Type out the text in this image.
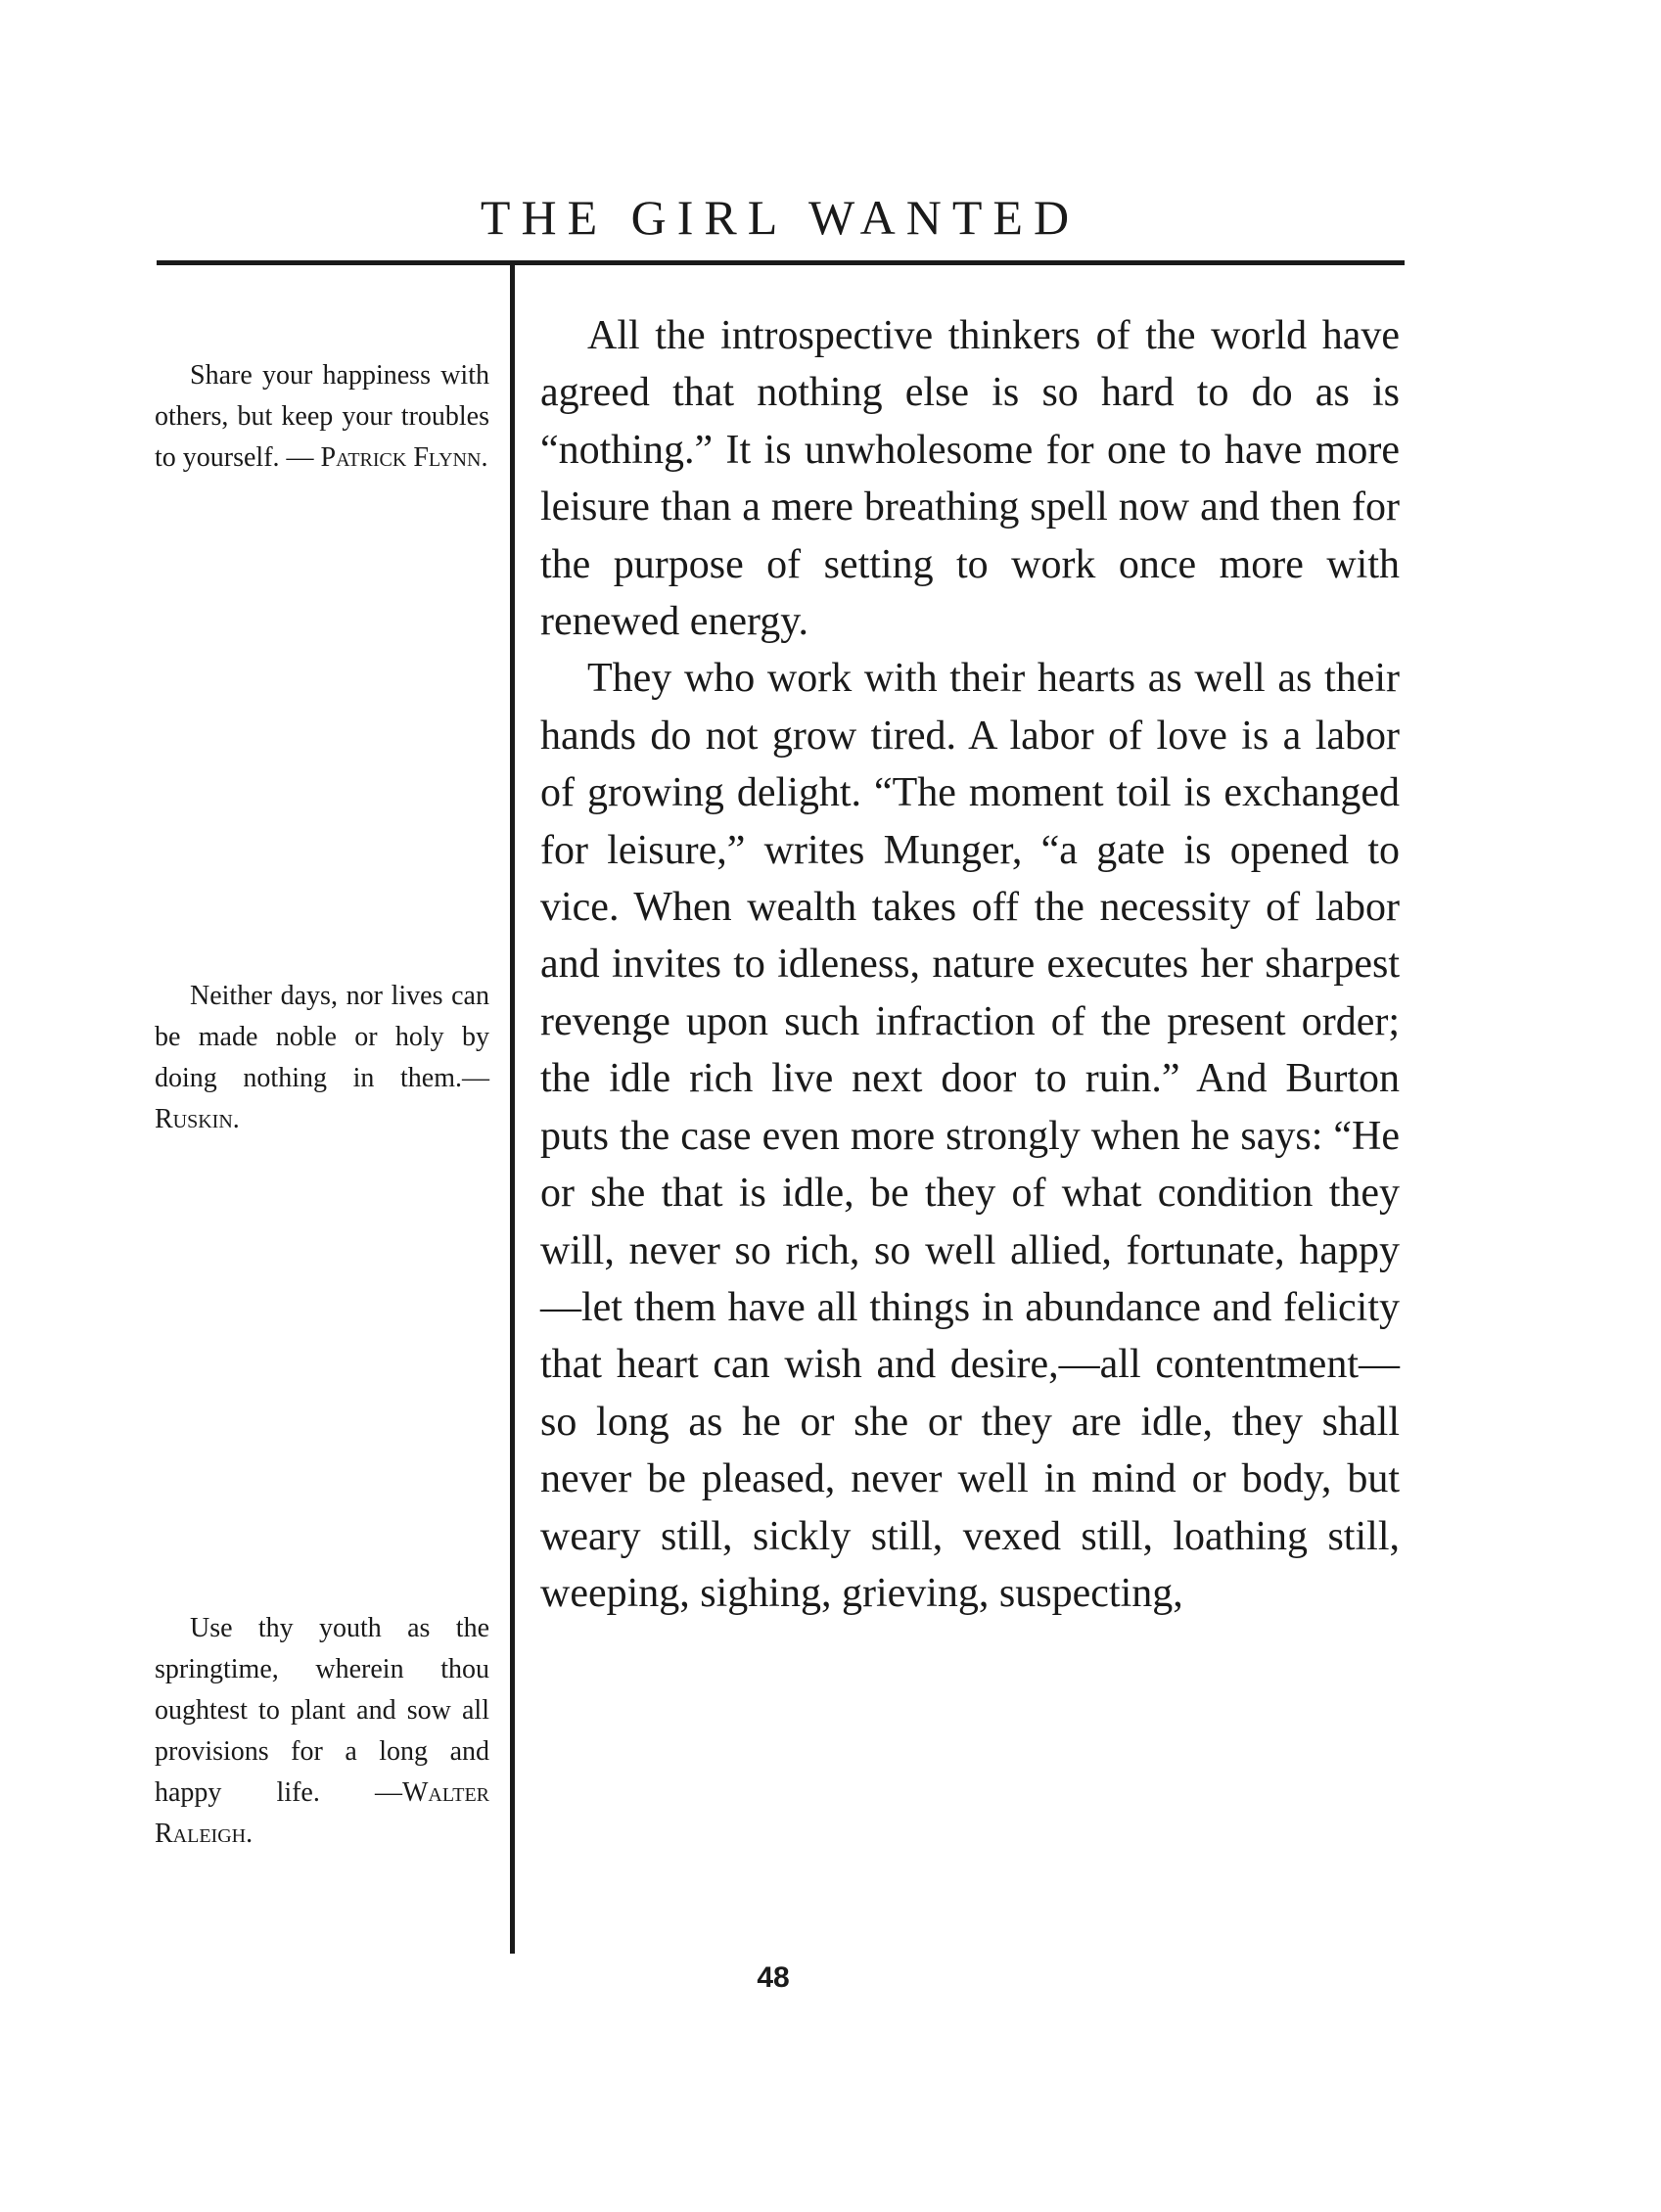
THE GIRL WANTED
Share your happiness with others, but keep your troubles to yourself. — Patrick Flynn.
Neither days, nor lives can be made noble or holy by doing nothing in them.— Ruskin.
Use thy youth as the springtime, wherein thou oughtest to plant and sow all provisions for a long and happy life. —Walter Raleigh.

All the introspective thinkers of the world have agreed that nothing else is so hard to do as is “nothing.” It is unwholesome for one to have more leisure than a mere breathing spell now and then for the purpose of setting to work once more with renewed energy.

They who work with their hearts as well as their hands do not grow tired. A labor of love is a labor of growing delight. “The moment toil is exchanged for leisure,” writes Munger, “a gate is opened to vice. When wealth takes off the necessity of labor and invites to idleness, nature executes her sharpest revenge upon such infraction of the present order; the idle rich live next door to ruin.” And Burton puts the case even more strongly when he says: “He or she that is idle, be they of what condition they will, never so rich, so well allied, fortunate, happy—let them have all things in abundance and felicity that heart can wish and desire,—all contentment—so long as he or she or they are idle, they shall never be pleased, never well in mind or body, but weary still, sickly still, vexed still, loathing still, weeping, sighing, grieving, suspecting,

48
